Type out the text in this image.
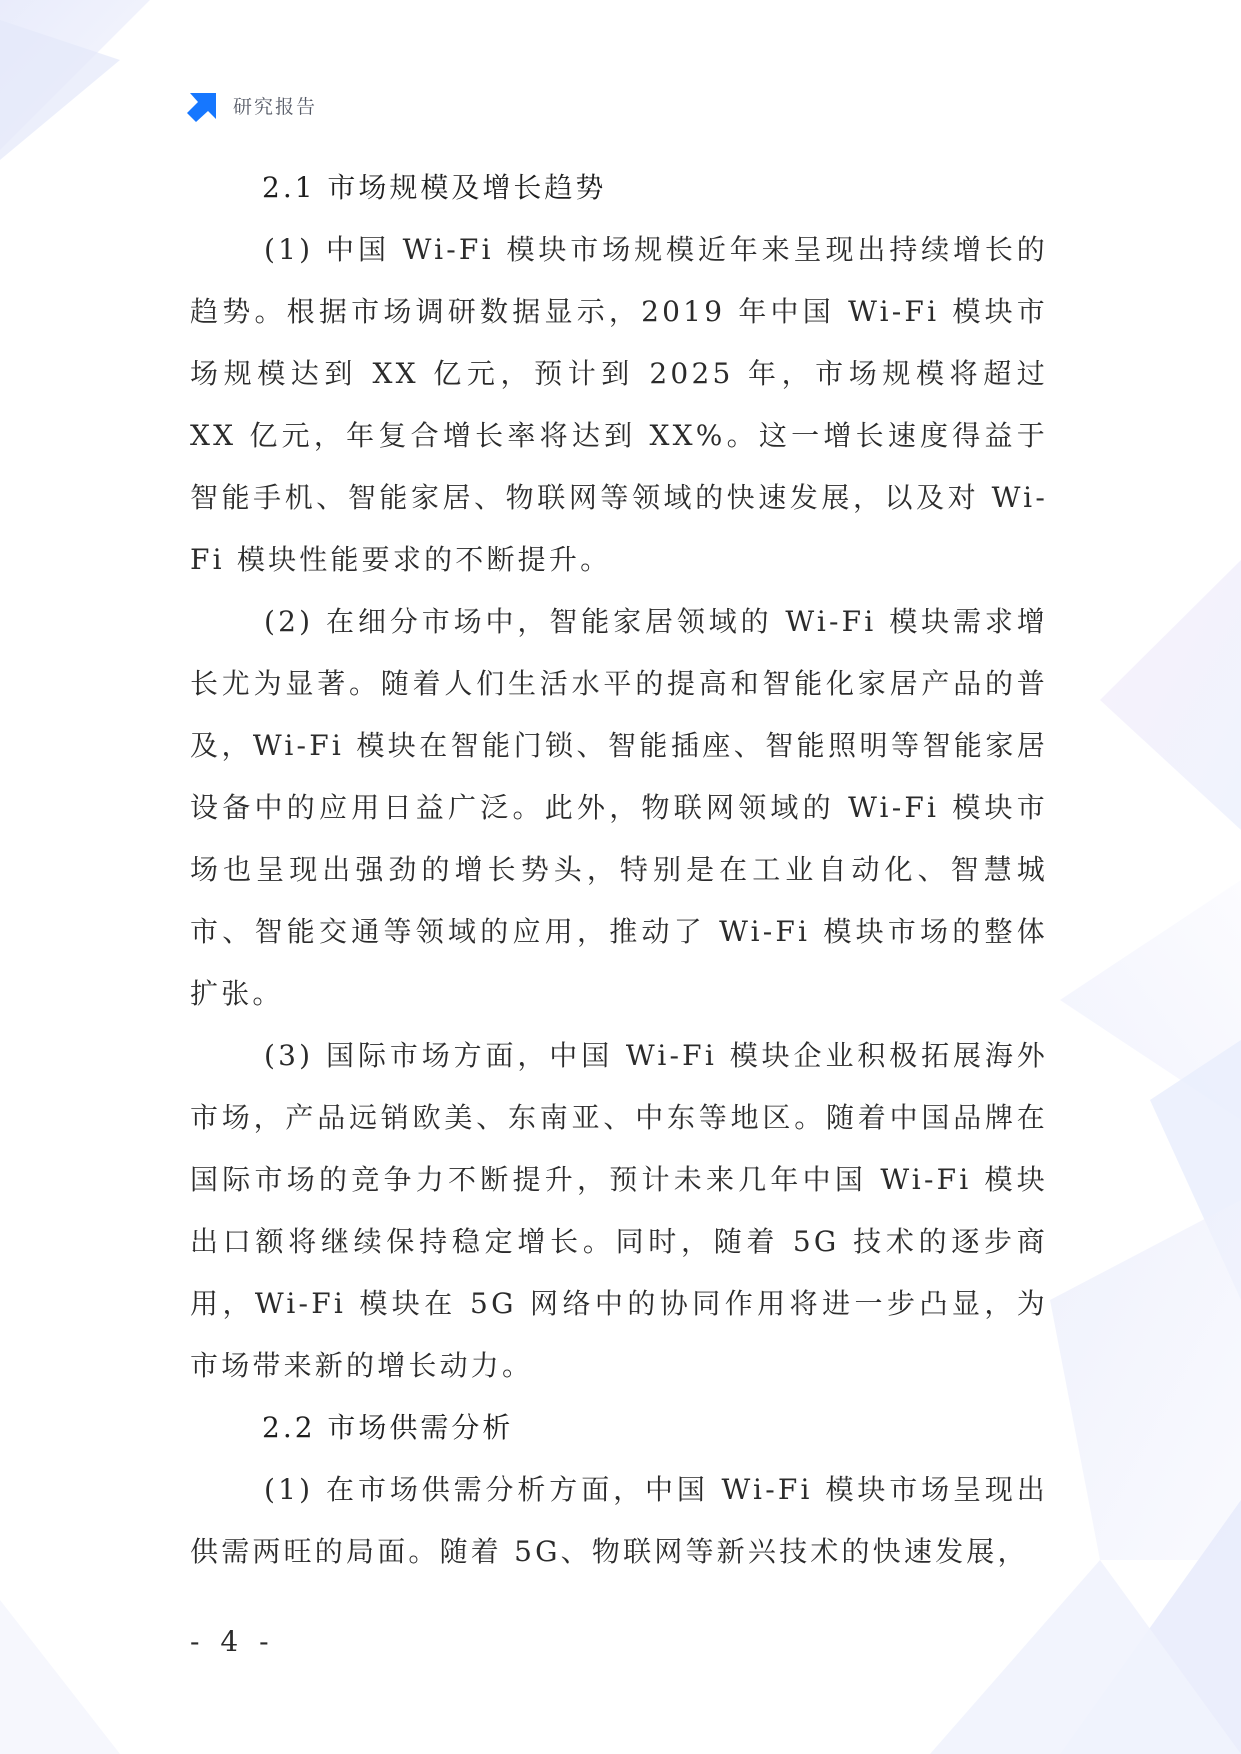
研究报告
2.1 市场规模及增长趋势

(1) 中国 Wi-Fi 模块市场规模近年来呈现出持续增长的趋势。根据市场调研数据显示，2019 年中国 Wi-Fi 模块市场规模达到 XX 亿元，预计到 2025 年，市场规模将超过 XX 亿元，年复合增长率将达到 XX%。这一增长速度得益于智能手机、智能家居、物联网等领域的快速发展，以及对 Wi-Fi 模块性能要求的不断提升。

(2) 在细分市场中，智能家居领域的 Wi-Fi 模块需求增长尤为显著。随着人们生活水平的提高和智能化家居产品的普及，Wi-Fi 模块在智能门锁、智能插座、智能照明等智能家居设备中的应用日益广泛。此外，物联网领域的 Wi-Fi 模块市场也呈现出强劲的增长势头，特别是在工业自动化、智慧城市、智能交通等领域的应用，推动了 Wi-Fi 模块市场的整体扩张。

(3) 国际市场方面，中国 Wi-Fi 模块企业积极拓展海外市场，产品远销欧美、东南亚、中东等地区。随着中国品牌在国际市场的竞争力不断提升，预计未来几年中国 Wi-Fi 模块出口额将继续保持稳定增长。同时，随着 5G 技术的逐步商用，Wi-Fi 模块在 5G 网络中的协同作用将进一步凸显，为市场带来新的增长动力。

2.2 市场供需分析

(1) 在市场供需分析方面，中国 Wi-Fi 模块市场呈现出供需两旺的局面。随着 5G、物联网等新兴技术的快速发展，

- 4 -
